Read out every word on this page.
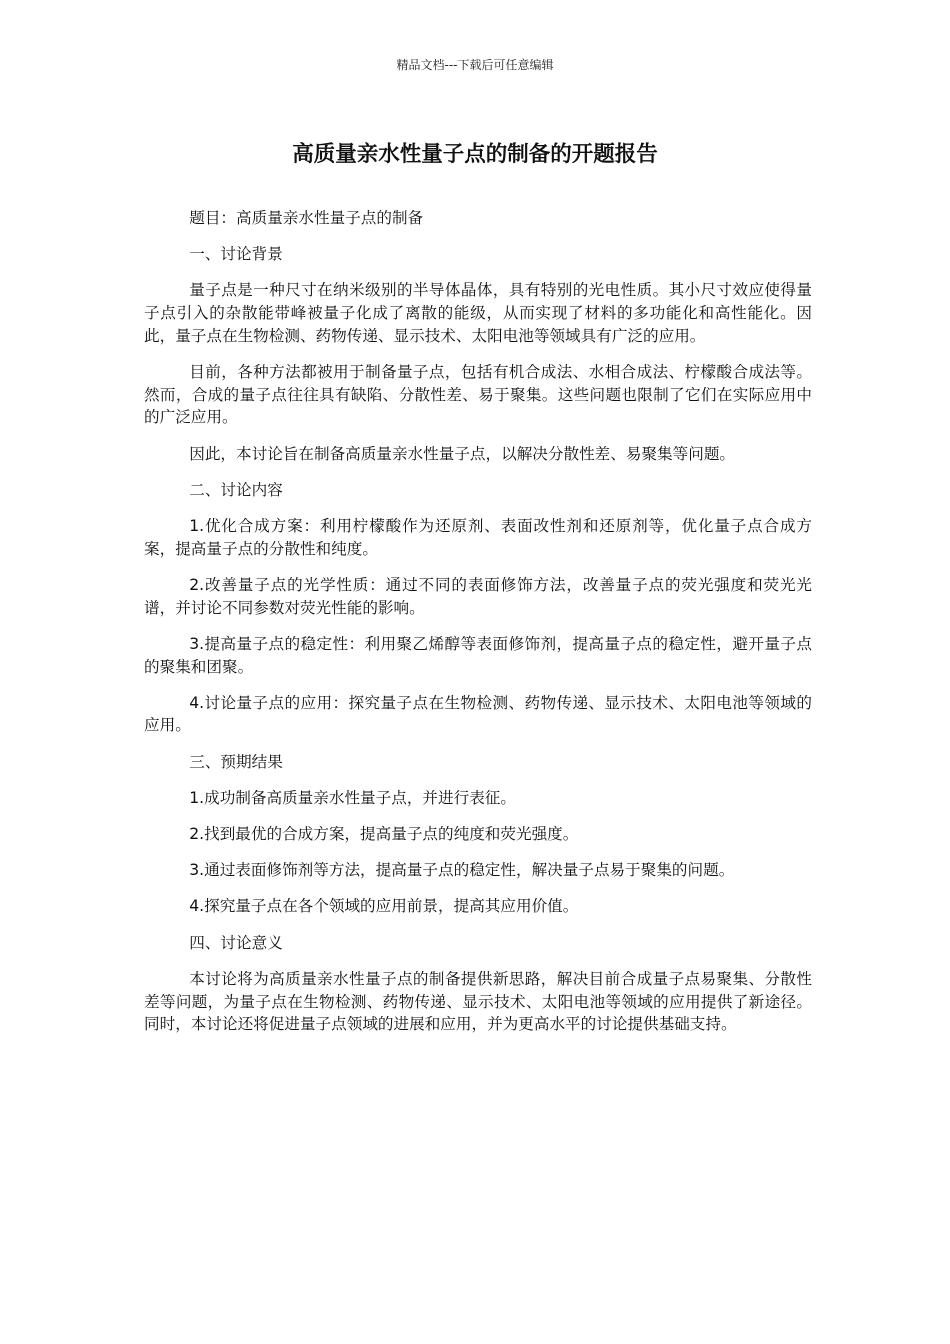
精品文档---下载后可任意编辑
高质量亲水性量子点的制备的开题报告

题目：高质量亲水性量子点的制备

一、讨论背景

量子点是一种尺寸在纳米级别的半导体晶体，具有特别的光电性质。其小尺寸效应使得量子点引入的杂散能带峰被量子化成了离散的能级，从而实现了材料的多功能化和高性能化。因此，量子点在生物检测、药物传递、显示技术、太阳电池等领域具有广泛的应用。

目前，各种方法都被用于制备量子点，包括有机合成法、水相合成法、柠檬酸合成法等。然而，合成的量子点往往具有缺陷、分散性差、易于聚集。这些问题也限制了它们在实际应用中的广泛应用。

因此，本讨论旨在制备高质量亲水性量子点，以解决分散性差、易聚集等问题。

二、讨论内容

1.优化合成方案：利用柠檬酸作为还原剂、表面改性剂和还原剂等，优化量子点合成方案，提高量子点的分散性和纯度。

2.改善量子点的光学性质：通过不同的表面修饰方法，改善量子点的荧光强度和荧光光谱，并讨论不同参数对荧光性能的影响。

3.提高量子点的稳定性：利用聚乙烯醇等表面修饰剂，提高量子点的稳定性，避开量子点的聚集和团聚。

4.讨论量子点的应用：探究量子点在生物检测、药物传递、显示技术、太阳电池等领域的应用。

三、预期结果

1.成功制备高质量亲水性量子点，并进行表征。

2.找到最优的合成方案，提高量子点的纯度和荧光强度。

3.通过表面修饰剂等方法，提高量子点的稳定性，解决量子点易于聚集的问题。

4.探究量子点在各个领域的应用前景，提高其应用价值。

四、讨论意义

本讨论将为高质量亲水性量子点的制备提供新思路，解决目前合成量子点易聚集、分散性差等问题，为量子点在生物检测、药物传递、显示技术、太阳电池等领域的应用提供了新途径。同时，本讨论还将促进量子点领域的进展和应用，并为更高水平的讨论提供基础支持。
